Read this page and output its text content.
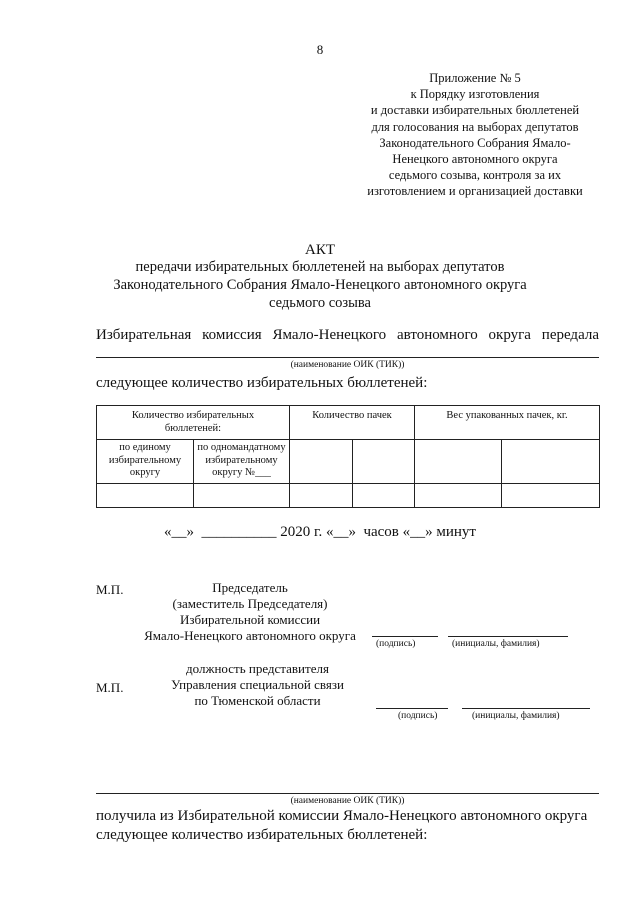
8
Приложение № 5
к Порядку изготовления
и доставки избирательных бюллетеней
для голосования на выборах депутатов
Законодательного Собрания Ямало-
Ненецкого автономного округа
седьмого созыва, контроля за их
изготовлением и организацией доставки
АКТ
передачи избирательных бюллетеней на выборах депутатов
Законодательного Собрания Ямало-Ненецкого автономного округа
седьмого созыва
Избирательная комиссия Ямало-Ненецкого автономного округа передала
(наименование ОИК (ТИК))
следующее количество избирательных бюллетеней:
Количество избирательных бюллетеней:		Количество пачек		Вес упакованных пачек, кг.	
по единому избирательному округу	по одномандатному избирательному округу №___				

«__»  __________ 2020 г. «__»  часов «__» минут
М.П.	Председатель
(заместитель Председателя)
Избирательной комиссии
Ямало-Ненецкого автономного округа
(подпись)	(инициалы, фамилия)
должность представителя
Управления специальной связи
по Тюменской области
М.П.
(подпись)	(инициалы, фамилия)
(наименование ОИК (ТИК))
получила из Избирательной комиссии Ямало-Ненецкого автономного округа
следующее количество избирательных бюллетеней:
